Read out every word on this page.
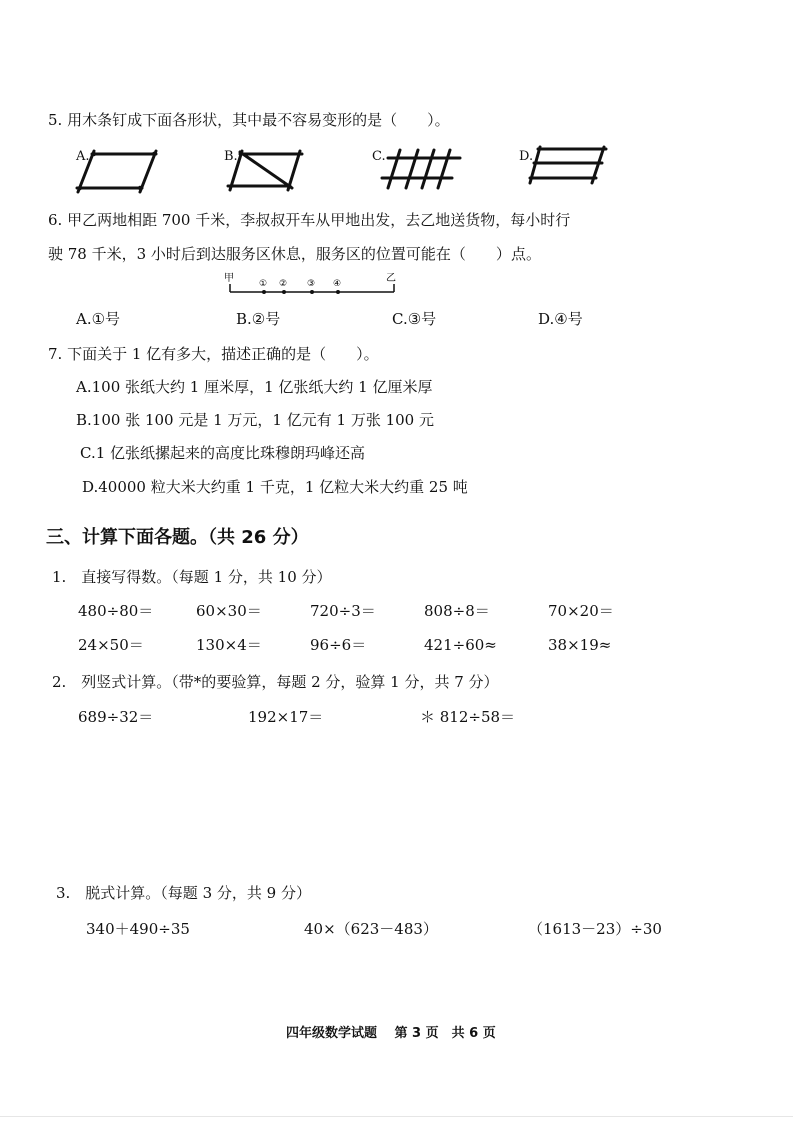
5. 用木条钉成下面各形状，其中最不容易变形的是（　　）。
A.	B.	C.	D.
6. 甲乙两地相距 700 千米，李叔叔开车从甲地出发，去乙地送货物，每小时行
驶 78 千米，3 小时后到达服务区休息，服务区的位置可能在（　　）点。
甲	乙
① ② ③ ④
A.①号	B.②号	C.③号	D.④号
7. 下面关于 1 亿有多大，描述正确的是（　　）。
A.100 张纸大约 1 厘米厚，1 亿张纸大约 1 亿厘米厚
B.100 张 100 元是 1 万元，1 亿元有 1 万张 100 元
C.1 亿张纸摞起来的高度比珠穆朗玛峰还高
D.40000 粒大米大约重 1 千克，1 亿粒大米大约重 25 吨
三、计算下面各题。（共 26 分）
1.　直接写得数。（每题 1 分，共 10 分）
480÷80＝	60×30＝	720÷3＝	808÷8＝	70×20＝
24×50＝	130×4＝	96÷6＝	421÷60≈	38×19≈
2.　列竖式计算。（带*的要验算，每题 2 分，验算 1 分，共 7 分）
689÷32＝	192×17＝	＊ 812÷58＝
3.　脱式计算。（每题 3 分，共 9 分）
340＋490÷35	40×（623－483）	（1613－23）÷30
四年级数学试题　 第 3 页　共 6 页
